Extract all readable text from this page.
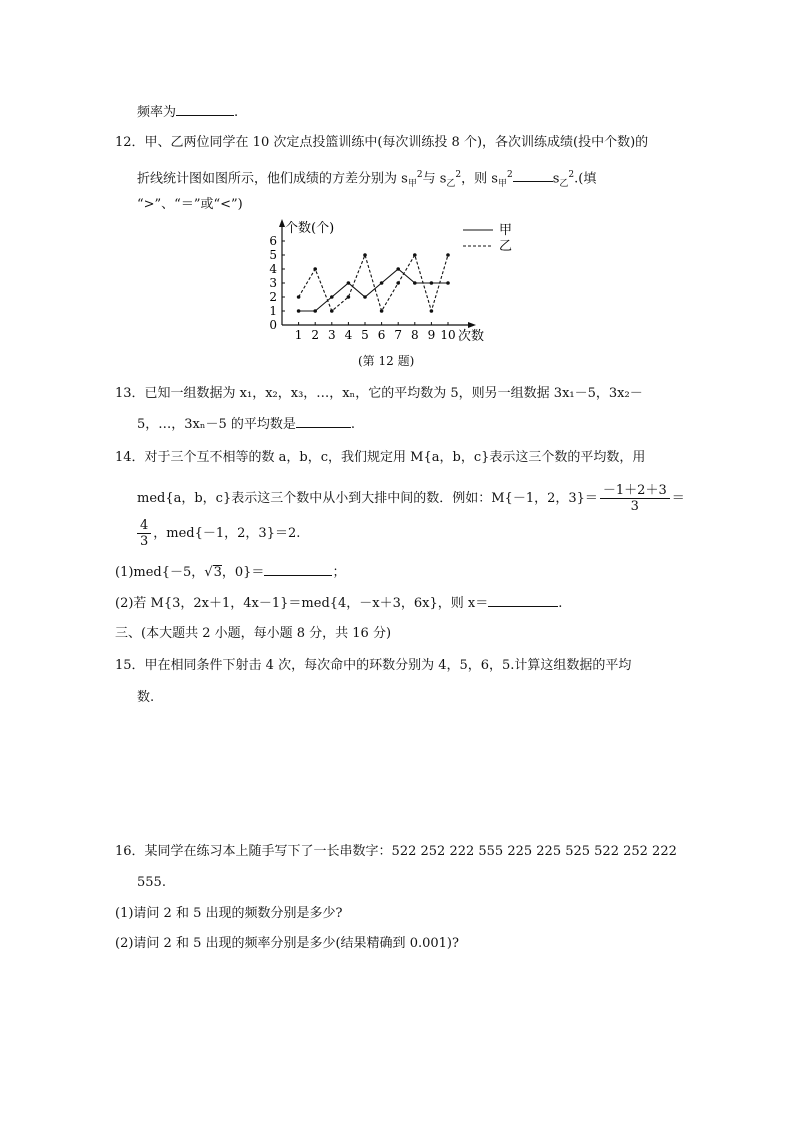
频率为	.
12．甲、乙两位同学在 10 次定点投篮训练中(每次训练投 8 个)，各次训练成绩(投中个数)的
折线统计图如图所示，他们成绩的方差分别为 $s_甲^2$与 $s_乙^2$，则 $s_甲^2$	$s_乙^2$.(填
“>”、“＝”或“<”)
0
1
2
3
4
5
6
1 2 3 4 5 6 7 8 9 10
个数(个)
次数
甲
乙
(第 12 题)
13．已知一组数据为 x₁，x₂，x₃，…，xₙ，它的平均数为 5，则另一组数据 3x₁－5，3x₂－
5，…，3xₙ－5 的平均数是	.
14．对于三个互不相等的数 a，b，c，我们规定用 M{a，b，c}表示这三个数的平均数，用
med{a，b，c}表示这三个数中从小到大排中间的数．例如：M{－1，2，$3\}= \frac{-1+2+3}{3}$ ＝
$\frac{4}{3}$ ，med{－1，2，3}＝2.
(1)med{－5，√3，0}＝	；
(2)若 M{3，2x＋1，4x－1}＝med{4，－x＋3，6x}，则 x＝	.
三、(本大题共 2 小题，每小题 8 分，共 16 分)
15．甲在相同条件下射击 4 次，每次命中的环数分别为 4，5，6，5.计算这组数据的平均
数.
16．某同学在练习本上随手写下了一长串数字：522 252 222 555 225 225 525 522 252 222
555.
(1)请问 2 和 5 出现的频数分别是多少?
(2)请问 2 和 5 出现的频率分别是多少(结果精确到 0.001)?
